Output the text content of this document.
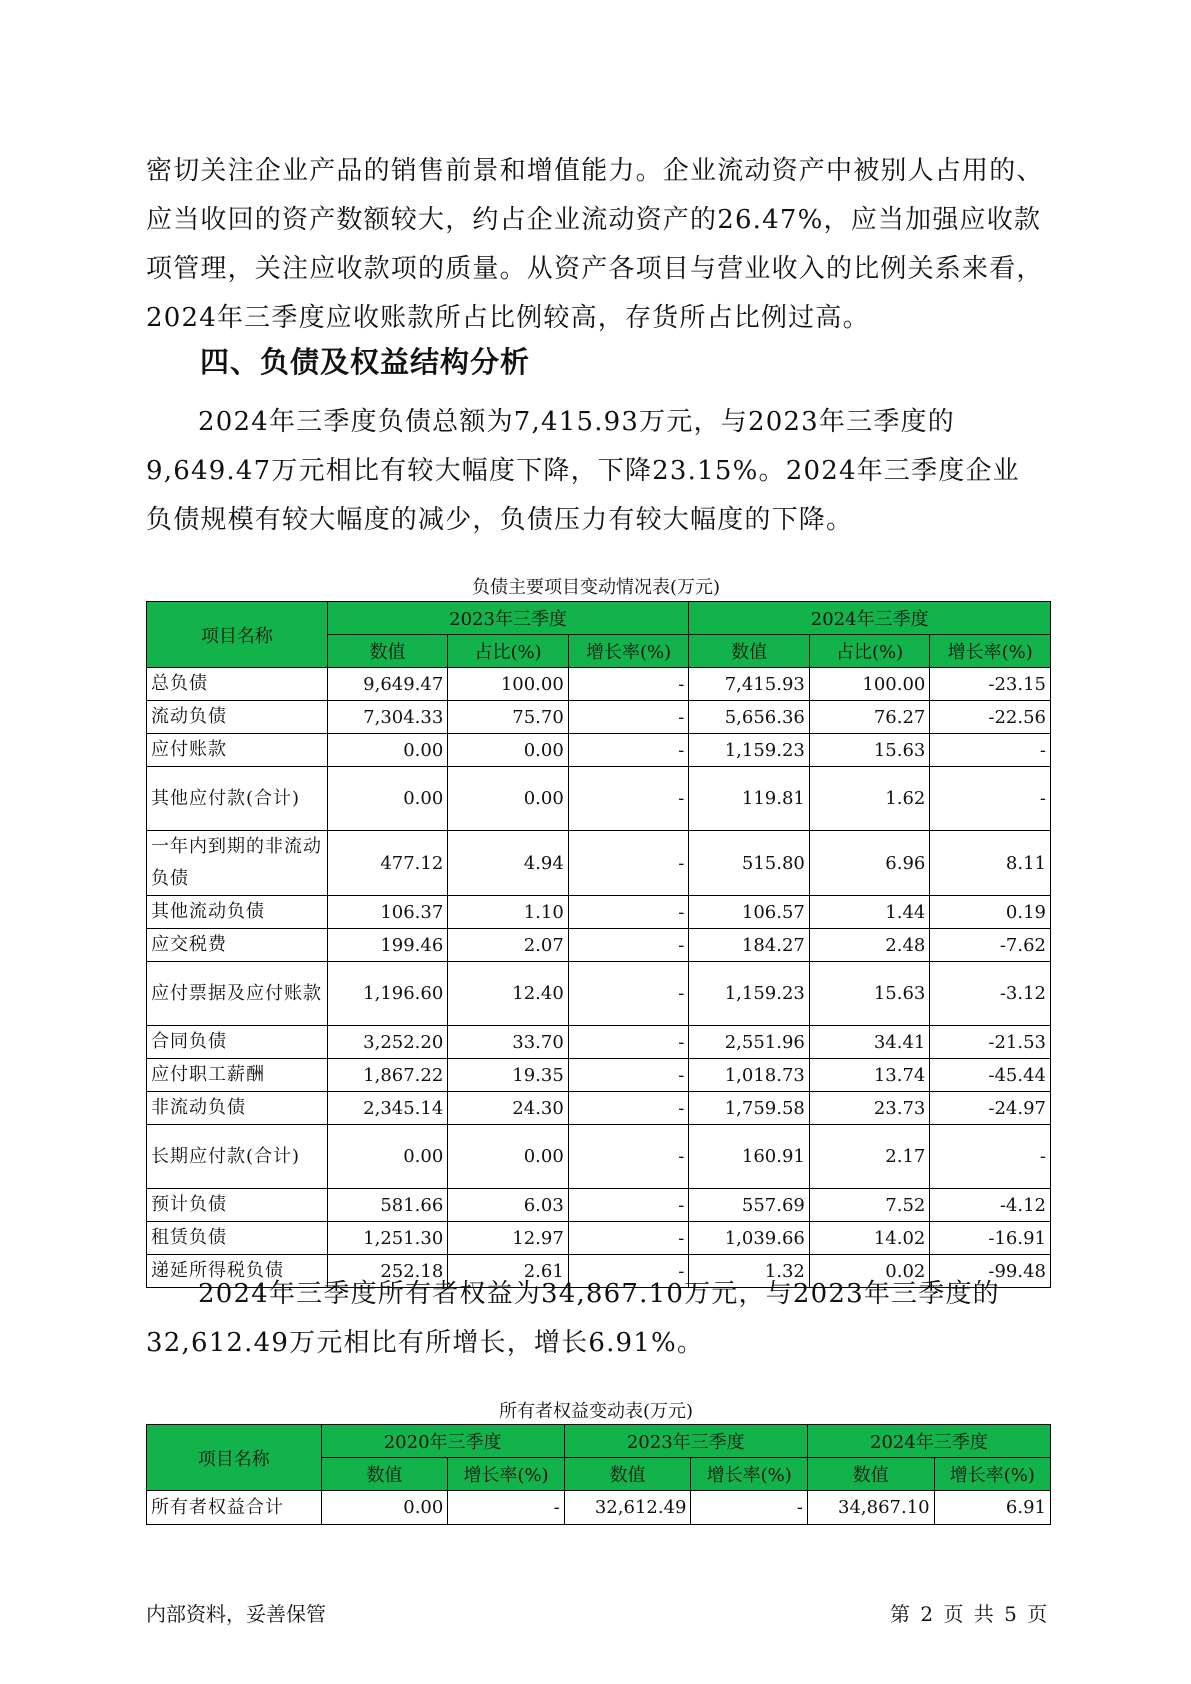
密切关注企业产品的销售前景和增值能力。企业流动资产中被别人占用的、应当收回的资产数额较大，约占企业流动资产的26.47%，应当加强应收款项管理，关注应收款项的质量。从资产各项目与营业收入的比例关系来看，2024年三季度应收账款所占比例较高，存货所占比例过高。

四、负债及权益结构分析

2024年三季度负债总额为7,415.93万元，与2023年三季度的9,649.47万元相比有较大幅度下降，下降23.15%。2024年三季度企业负债规模有较大幅度的减少，负债压力有较大幅度的下降。

负债主要项目变动情况表(万元)

项目名称	2023年三季度			2024年三季度		
	数值	占比(%)	增长率(%)	数值	占比(%)	增长率(%)
总负债	9,649.47	100.00	-	7,415.93	100.00	-23.15
流动负债	7,304.33	75.70	-	5,656.36	76.27	-22.56
应付账款	0.00	0.00	-	1,159.23	15.63	-
其他应付款(合计)	0.00	0.00	-	119.81	1.62	-
一年内到期的非流动负债	477.12	4.94	-	515.80	6.96	8.11
其他流动负债	106.37	1.10	-	106.57	1.44	0.19
应交税费	199.46	2.07	-	184.27	2.48	-7.62
应付票据及应付账款	1,196.60	12.40	-	1,159.23	15.63	-3.12
合同负债	3,252.20	33.70	-	2,551.96	34.41	-21.53
应付职工薪酬	1,867.22	19.35	-	1,018.73	13.74	-45.44
非流动负债	2,345.14	24.30	-	1,759.58	23.73	-24.97
长期应付款(合计)	0.00	0.00	-	160.91	2.17	-
预计负债	581.66	6.03	-	557.69	7.52	-4.12
租赁负债	1,251.30	12.97	-	1,039.66	14.02	-16.91
递延所得税负债	252.18	2.61	-	1.32	0.02	-99.48

2024年三季度所有者权益为34,867.10万元，与2023年三季度的32,612.49万元相比有所增长，增长6.91%。

所有者权益变动表(万元)

项目名称	2020年三季度		2023年三季度		2024年三季度	
	数值	增长率(%)	数值	增长率(%)	数值	增长率(%)
所有者权益合计	0.00	-	32,612.49	-	34,867.10	6.91

内部资料，妥善保管	第 2 页 共 5 页
